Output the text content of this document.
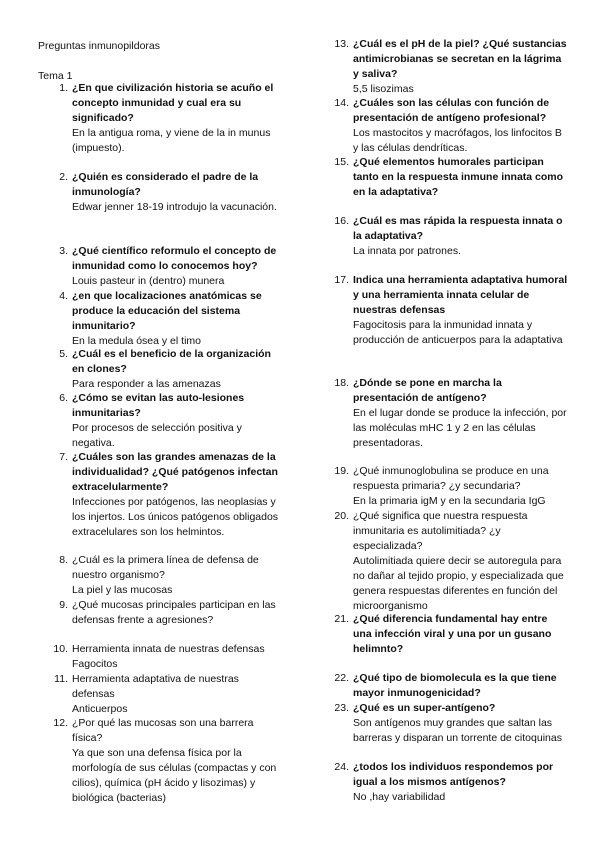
Preguntas inmunopildoras
Tema 1
1. ¿En que civilización historia se acuño el concepto inmunidad y cual era su significado?
En la antigua roma, y viene de la in munus (impuesto).
2. ¿Quién es considerado el padre de la inmunología?
Edwar jenner 18-19 introdujo la vacunación.
3. ¿Qué científico reformulo el concepto de inmunidad como lo conocemos hoy?
Louis pasteur in (dentro) munera
4. ¿en que localizaciones anatómicas se produce la educación del sistema inmunitario?
En la medula ósea y el timo
5. ¿Cuál es el beneficio de la organización en clones?
Para responder a las amenazas
6. ¿Cómo se evitan las auto-lesiones inmunitarias?
Por procesos de selección positiva y negativa.
7. ¿Cuáles son las grandes amenazas de la individualidad? ¿Qué patógenos infectan extracelularmente?
Infecciones por patógenos, las neoplasias y los injertos. Los únicos patógenos obligados extracelulares son los helmintos.
8. ¿Cuál es la primera línea de defensa de nuestro organismo?
La piel y las mucosas
9. ¿Qué mucosas principales participan en las defensas frente a agresiones?
10. Herramienta innata de nuestras defensas
Fagocitos
11. Herramienta adaptativa de nuestras defensas
Anticuerpos
12. ¿Por qué las mucosas son una barrera física?
Ya que son una defensa física por la morfología de sus células (compactas y con cilios), química (pH ácido y lisozimas) y biológica (bacterias)
13. ¿Cuál es el pH de la piel? ¿Qué sustancias antimicrobianas se secretan en la lágrima y saliva?
5,5 lisozimas
14. ¿Cuáles son las células con función de presentación de antígeno profesional?
Los mastocitos y macrófagos, los linfocitos B y las células dendríticas.
15. ¿Qué elementos humorales participan tanto en la respuesta inmune innata como en la adaptativa?
16. ¿Cuál es mas rápida la respuesta innata o la adaptativa?
La innata por patrones.
17. Indica una herramienta adaptativa humoral y una herramienta innata celular de nuestras defensas
Fagocitosis para la inmunidad innata y producción de anticuerpos para la adaptativa
18. ¿Dónde se pone en marcha la presentación de antígeno?
En el lugar donde se produce la infección, por las moléculas mHC 1 y 2 en las células presentadoras.
19. ¿Qué inmunoglobulina se produce en una respuesta primaria? ¿y secundaria?
En la primaria igM y en la secundaria IgG
20. ¿Qué significa que nuestra respuesta inmunitaria es autolimitiada? ¿y especializada?
Autolimitiada quiere decir se autoregula para no dañar al tejido propio, y especializada que genera respuestas diferentes en función del microorganismo
21. ¿Qué diferencia fundamental hay entre una infección viral y una por un gusano helimnto?
22. ¿Qué tipo de biomolecula es la que tiene mayor inmunogenicidad?
23. ¿Qué es un super-antígeno?
Son antígenos muy grandes que saltan las barreras y disparan un torrente de citoquinas
24. ¿todos los individuos respondemos por igual a los mismos antígenos?
No ,hay variabilidad
